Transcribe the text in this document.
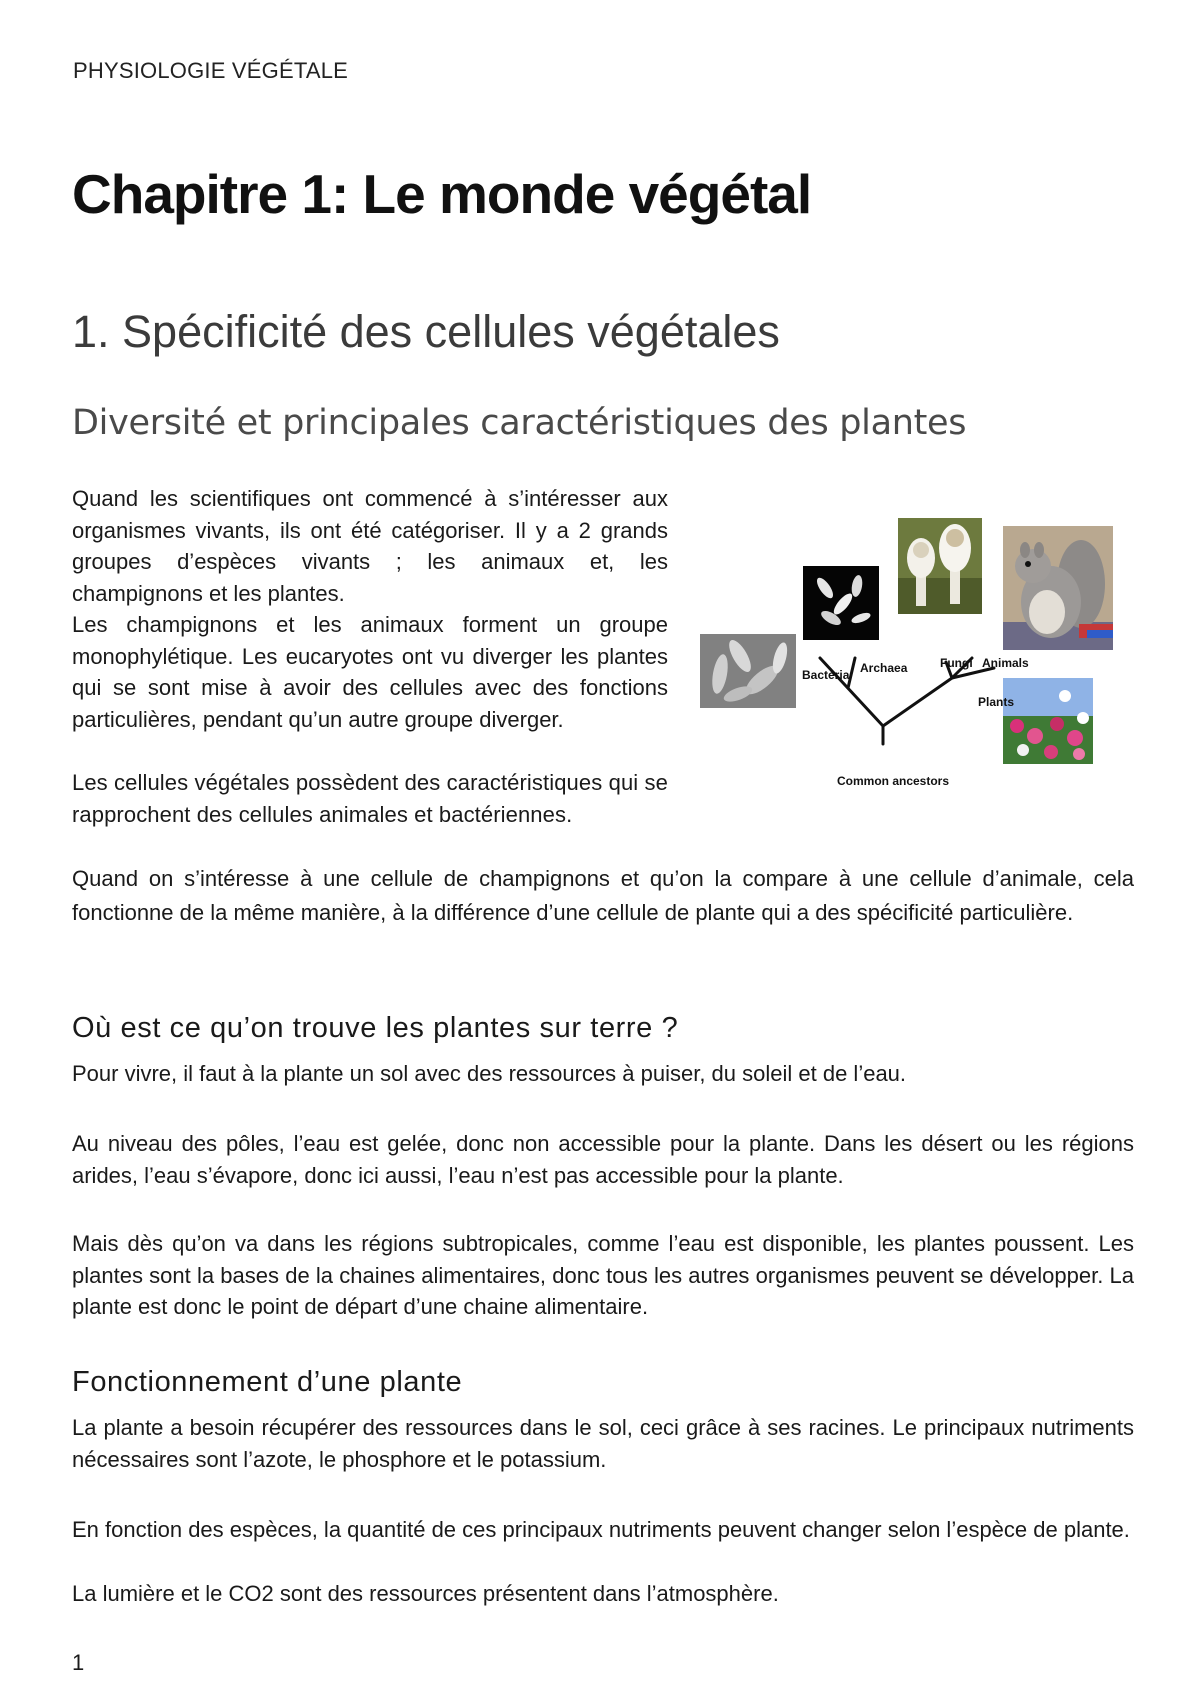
PHYSIOLOGIE VÉGÉTALE
Chapitre 1: Le monde végétal
1. Spécificité des cellules végétales
Diversité et principales caractéristiques des plantes

Quand les scientifiques ont commencé à s’intéresser aux organismes vivants, ils ont été catégoriser. Il y a 2 grands groupes d’espèces vivants ; les animaux et, les champignons et les plantes.

Les champignons et les animaux forment un groupe monophylétique. Les eucaryotes ont vu diverger les plantes qui se sont mise à avoir des cellules avec des fonctions particulières, pendant qu’un autre groupe diverger.

Les cellules végétales possèdent des caractéristiques qui se rapprochent des cellules animales et bactériennes.

Quand on s’intéresse à une cellule de champignons et qu’on la compare à une cellule d’animale, cela fonctionne de la même manière, à la différence d’une cellule de plante qui a des spécificité particulière.

Bacteria Archaea	Fungi Animals
Plants
Common ancestors
Où est ce qu’on trouve les plantes sur terre ?

Pour vivre, il faut à la plante un sol avec des ressources à puiser, du soleil et de l’eau.

Au niveau des pôles, l’eau est gelée, donc non accessible pour la plante. Dans les désert ou les régions arides, l’eau s’évapore, donc ici aussi, l’eau n’est pas accessible pour la plante.

Mais dès qu’on va dans les régions subtropicales, comme l’eau est disponible, les plantes poussent. Les plantes sont la bases de la chaines alimentaires, donc tous les autres organismes peuvent se développer. La plante est donc le point de départ d’une chaine alimentaire.

Fonctionnement d’une plante

La plante a besoin récupérer des ressources dans le sol, ceci grâce à ses racines. Le principaux nutriments nécessaires sont l’azote, le phosphore et le potassium.

En fonction des espèces, la quantité de ces principaux nutriments peuvent changer selon l’espèce de plante.

La lumière et le CO2 sont des ressources présentent dans l’atmosphère.

1
